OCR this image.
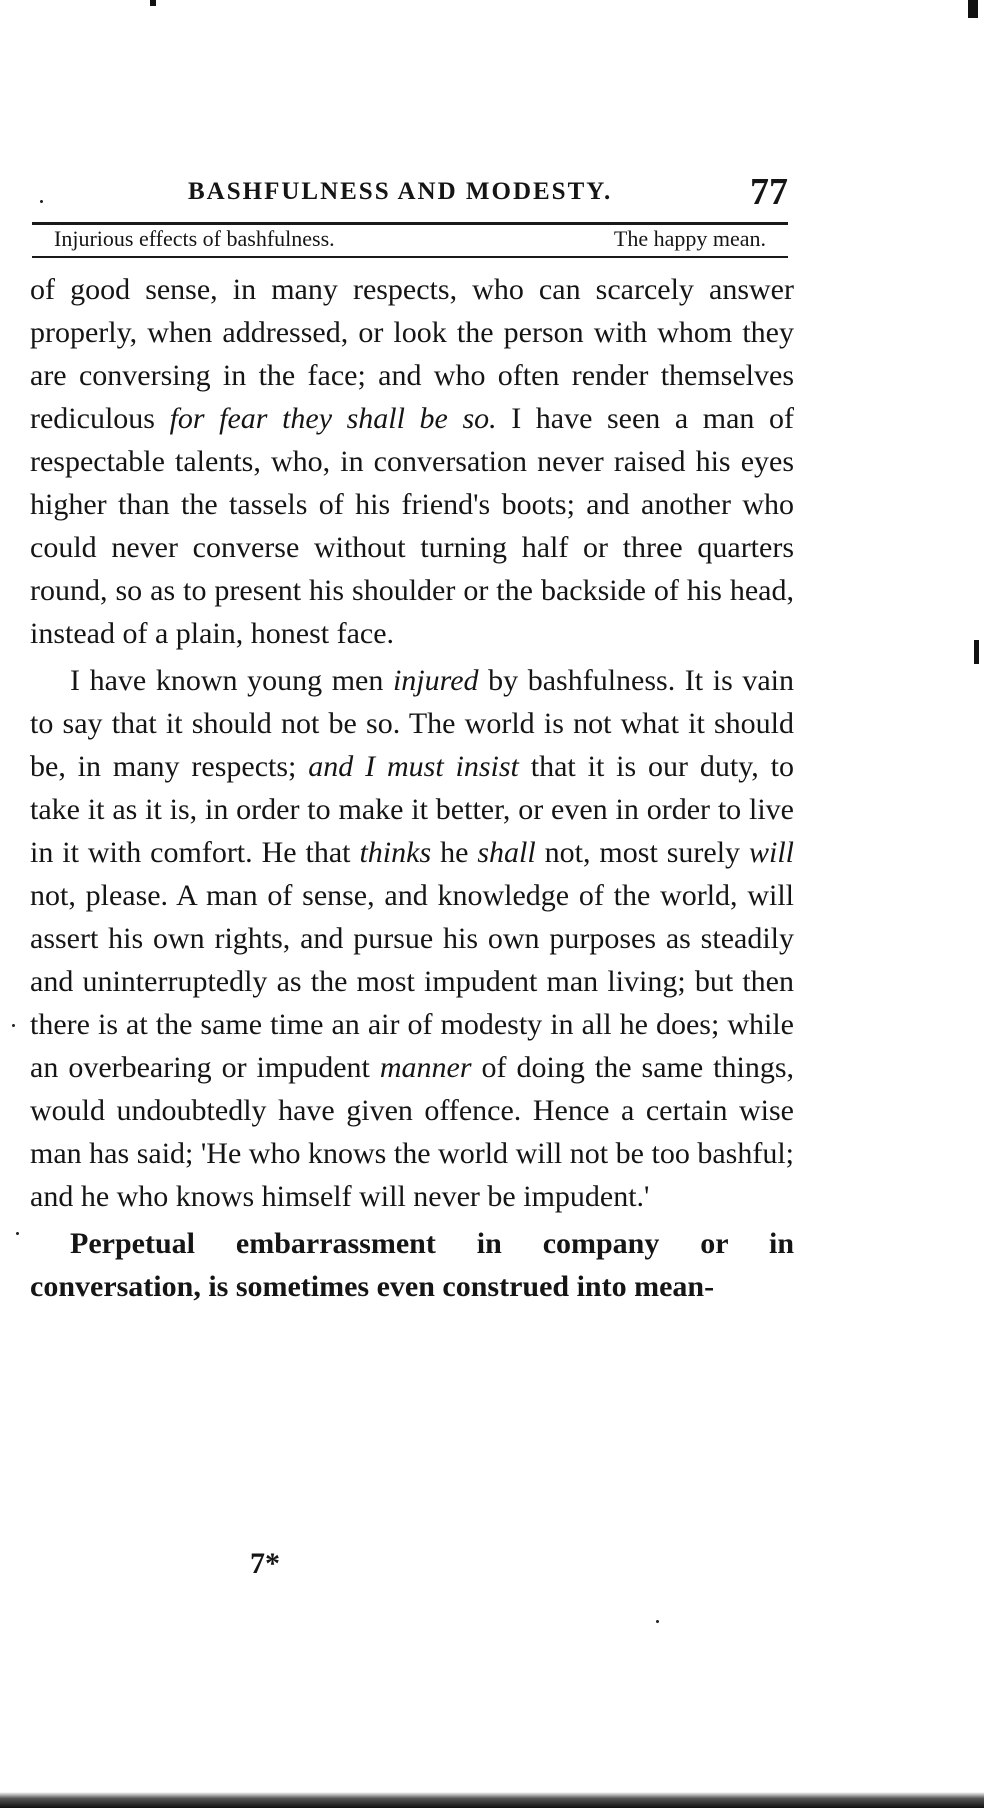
BASHFULNESS AND MODESTY.	77
Injurious effects of bashfulness.	The happy mean.

of good sense, in many respects, who can scarcely answer properly, when addressed, or look the person with whom they are conversing in the face; and who often render themselves rediculous for fear they shall be so. I have seen a man of respectable talents, who, in conversation never raised his eyes higher than the tassels of his friend's boots; and another who could never converse without turning half or three quarters round, so as to present his shoulder or the backside of his head, instead of a plain, honest face.

I have known young men injured by bashfulness. It is vain to say that it should not be so. The world is not what it should be, in many respects; and I must insist that it is our duty, to take it as it is, in order to make it better, or even in order to live in it with comfort. He that thinks he shall not, most surely will not, please. A man of sense, and knowledge of the world, will assert his own rights, and pursue his own purposes as steadily and uninterruptedly as the most impudent man living; but then there is at the same time an air of modesty in all he does; while an overbearing or impudent manner of doing the same things, would undoubtedly have given offence. Hence a certain wise man has said; 'He who knows the world will not be too bashful; and he who knows himself will never be impudent.'

Perpetual embarrassment in company or in conversation, is sometimes even construed into mean-

7*
